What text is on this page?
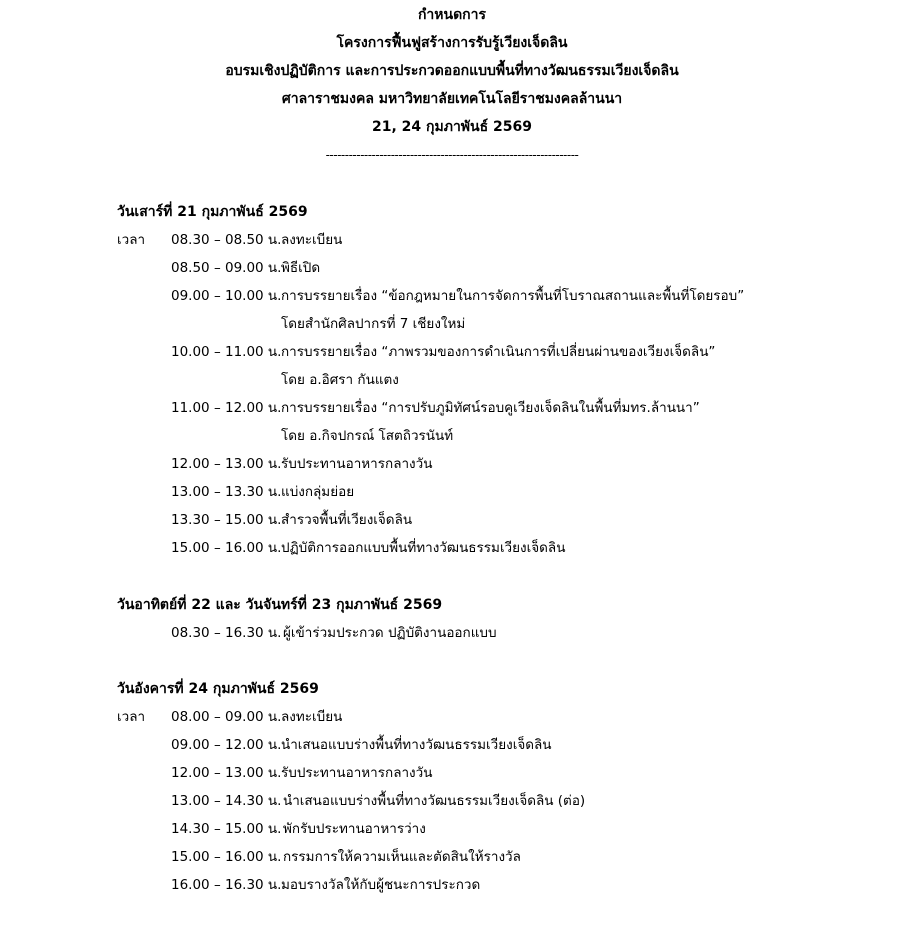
กำหนดการ
โครงการฟื้นฟูสร้างการรับรู้เวียงเจ็ดลิน
อบรมเชิงปฏิบัติการ และการประกวดออกแบบพื้นที่ทางวัฒนธรรมเวียงเจ็ดลิน
ศาลาราชมงคล มหาวิทยาลัยเทคโนโลยีราชมงคลล้านนา
21, 24 กุมภาพันธ์ 2569
------------------------------------------------------------------
วันเสาร์ที่ 21 กุมภาพันธ์ 2569
เวลา 08.30 – 08.50 น. ลงทะเบียน
08.50 – 09.00 น. พิธีเปิด
09.00 – 10.00 น. การบรรยายเรื่อง “ข้อกฎหมายในการจัดการพื้นที่โบราณสถานและพื้นที่โดยรอบ”
โดยสำนักศิลปากรที่ 7 เชียงใหม่
10.00 – 11.00 น. การบรรยายเรื่อง “ภาพรวมของการดำเนินการที่เปลี่ยนผ่านของเวียงเจ็ดลิน”
โดย อ.อิศรา กันแตง
11.00 – 12.00 น. การบรรยายเรื่อง “การปรับภูมิทัศน์รอบคูเวียงเจ็ดลินในพื้นที่มทร.ล้านนา”
โดย อ.กิจปกรณ์ โสตถิวรนันท์
12.00 – 13.00 น. รับประทานอาหารกลางวัน
13.00 – 13.30 น. แบ่งกลุ่มย่อย
13.30 – 15.00 น. สำรวจพื้นที่เวียงเจ็ดลิน
15.00 – 16.00 น. ปฏิบัติการออกแบบพื้นที่ทางวัฒนธรรมเวียงเจ็ดลิน
วันอาทิตย์ที่ 22 และ วันจันทร์ที่ 23 กุมภาพันธ์ 2569
08.30 – 16.30 น. ผู้เข้าร่วมประกวด ปฏิบัติงานออกแบบ
วันอังคารที่ 24 กุมภาพันธ์ 2569
เวลา 08.00 – 09.00 น. ลงทะเบียน
09.00 – 12.00 น. นำเสนอแบบร่างพื้นที่ทางวัฒนธรรมเวียงเจ็ดลิน
12.00 – 13.00 น. รับประทานอาหารกลางวัน
13.00 – 14.30 น. นำเสนอแบบร่างพื้นที่ทางวัฒนธรรมเวียงเจ็ดลิน (ต่อ)
14.30 – 15.00 น. พักรับประทานอาหารว่าง
15.00 – 16.00 น. กรรมการให้ความเห็นและตัดสินให้รางวัล
16.00 – 16.30 น. มอบรางวัลให้กับผู้ชนะการประกวด
